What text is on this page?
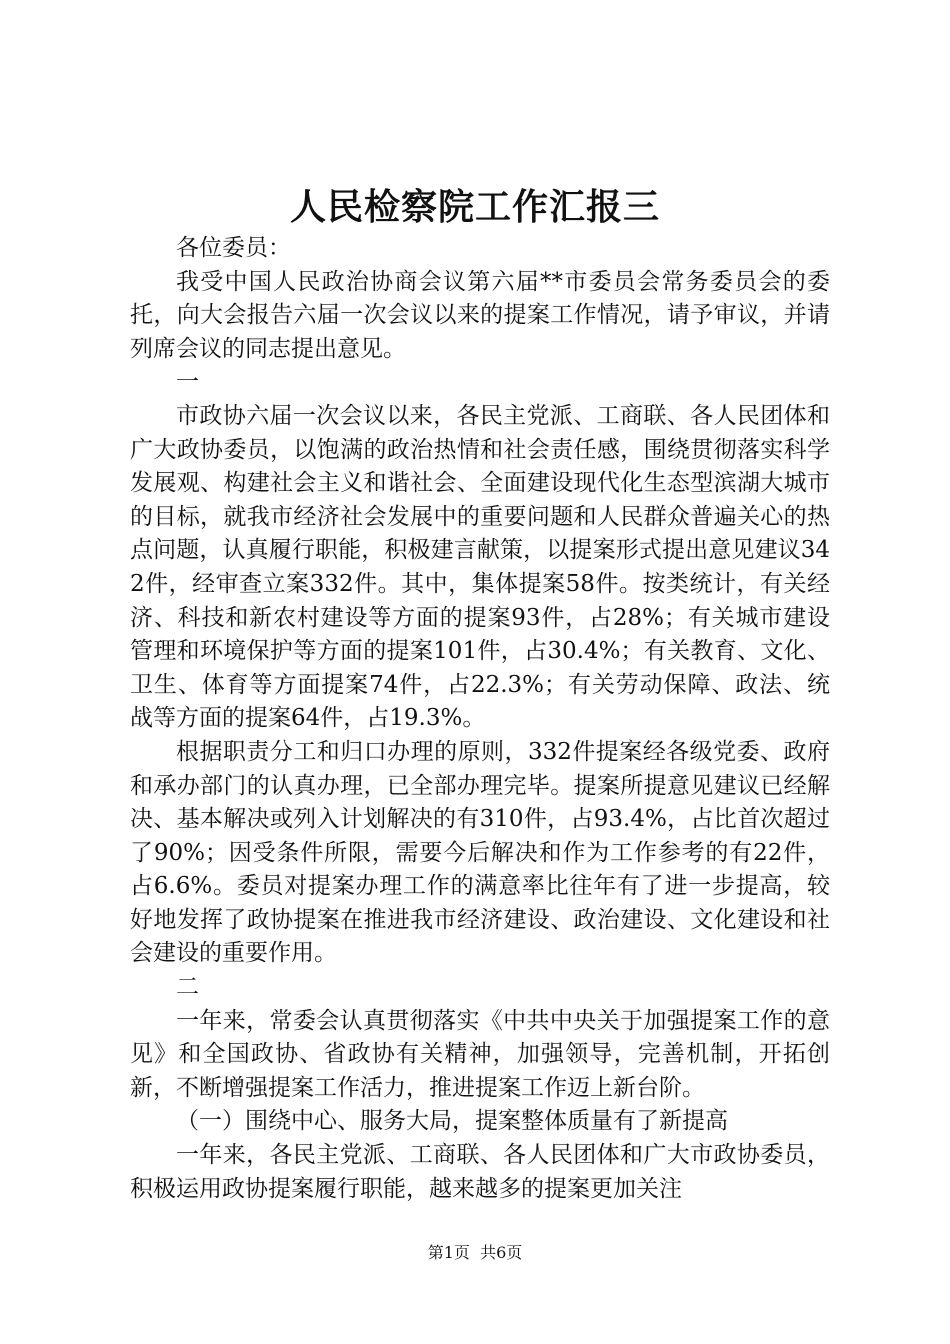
人民检察院工作汇报三

各位委员：

我受中国人民政治协商会议第六届**市委员会常务委员会的委托，向大会报告六届一次会议以来的提案工作情况，请予审议，并请列席会议的同志提出意见。

一

市政协六届一次会议以来，各民主党派、工商联、各人民团体和广大政协委员，以饱满的政治热情和社会责任感，围绕贯彻落实科学发展观、构建社会主义和谐社会、全面建设现代化生态型滨湖大城市的目标，就我市经济社会发展中的重要问题和人民群众普遍关心的热点问题，认真履行职能，积极建言献策，以提案形式提出意见建议342件，经审查立案332件。其中，集体提案58件。按类统计，有关经济、科技和新农村建设等方面的提案93件，占28%；有关城市建设管理和环境保护等方面的提案101件，占30.4%；有关教育、文化、卫生、体育等方面提案74件，占22.3%；有关劳动保障、政法、统战等方面的提案64件，占19.3%。

根据职责分工和归口办理的原则，332件提案经各级党委、政府和承办部门的认真办理，已全部办理完毕。提案所提意见建议已经解决、基本解决或列入计划解决的有310件，占93.4%，占比首次超过了90%；因受条件所限，需要今后解决和作为工作参考的有22件，占6.6%。委员对提案办理工作的满意率比往年有了进一步提高，较好地发挥了政协提案在推进我市经济建设、政治建设、文化建设和社会建设的重要作用。

二

一年来，常委会认真贯彻落实《中共中央关于加强提案工作的意见》和全国政协、省政协有关精神，加强领导，完善机制，开拓创新，不断增强提案工作活力，推进提案工作迈上新台阶。

（一）围绕中心、服务大局，提案整体质量有了新提高

一年来，各民主党派、工商联、各人民团体和广大市政协委员，积极运用政协提案履行职能，越来越多的提案更加关注

第1页 共6页
